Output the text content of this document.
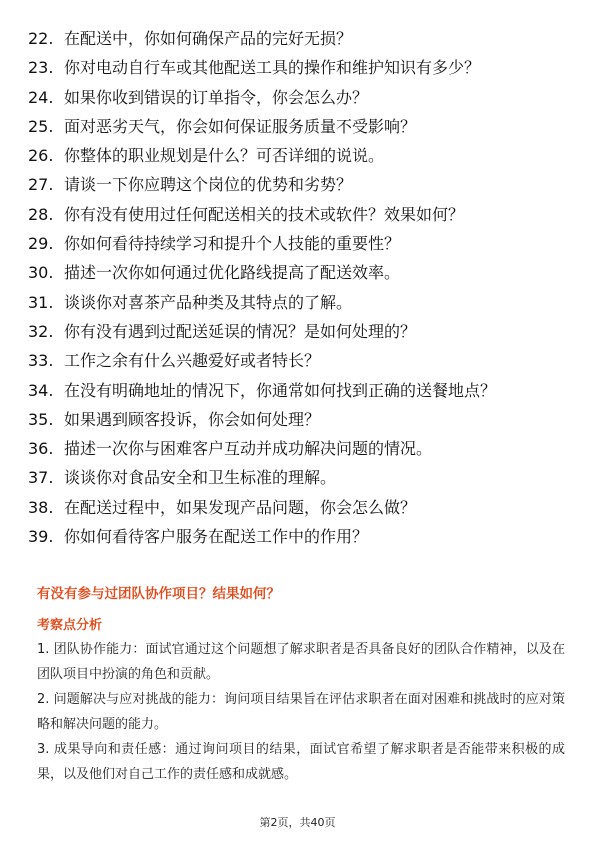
22. 在配送中，你如何确保产品的完好无损？
23. 你对电动自行车或其他配送工具的操作和维护知识有多少？
24. 如果你收到错误的订单指令，你会怎么办？
25. 面对恶劣天气，你会如何保证服务质量不受影响？
26. 你整体的职业规划是什么？可否详细的说说。
27. 请谈一下你应聘这个岗位的优势和劣势？
28. 你有没有使用过任何配送相关的技术或软件？效果如何？
29. 你如何看待持续学习和提升个人技能的重要性？
30. 描述一次你如何通过优化路线提高了配送效率。
31. 谈谈你对喜茶产品种类及其特点的了解。
32. 你有没有遇到过配送延误的情况？是如何处理的？
33. 工作之余有什么兴趣爱好或者特长？
34. 在没有明确地址的情况下，你通常如何找到正确的送餐地点？
35. 如果遇到顾客投诉，你会如何处理？
36. 描述一次你与困难客户互动并成功解决问题的情况。
37. 谈谈你对食品安全和卫生标准的理解。
38. 在配送过程中，如果发现产品问题，你会怎么做？
39. 你如何看待客户服务在配送工作中的作用？
有没有参与过团队协作项目？结果如何？
考察点分析

1. 团队协作能力：面试官通过这个问题想了解求职者是否具备良好的团队合作精神，以及在团队项目中扮演的角色和贡献。

2. 问题解决与应对挑战的能力：询问项目结果旨在评估求职者在面对困难和挑战时的应对策略和解决问题的能力。

3. 成果导向和责任感：通过询问项目的结果，面试官希望了解求职者是否能带来积极的成果，以及他们对自己工作的责任感和成就感。

第2页，共40页
